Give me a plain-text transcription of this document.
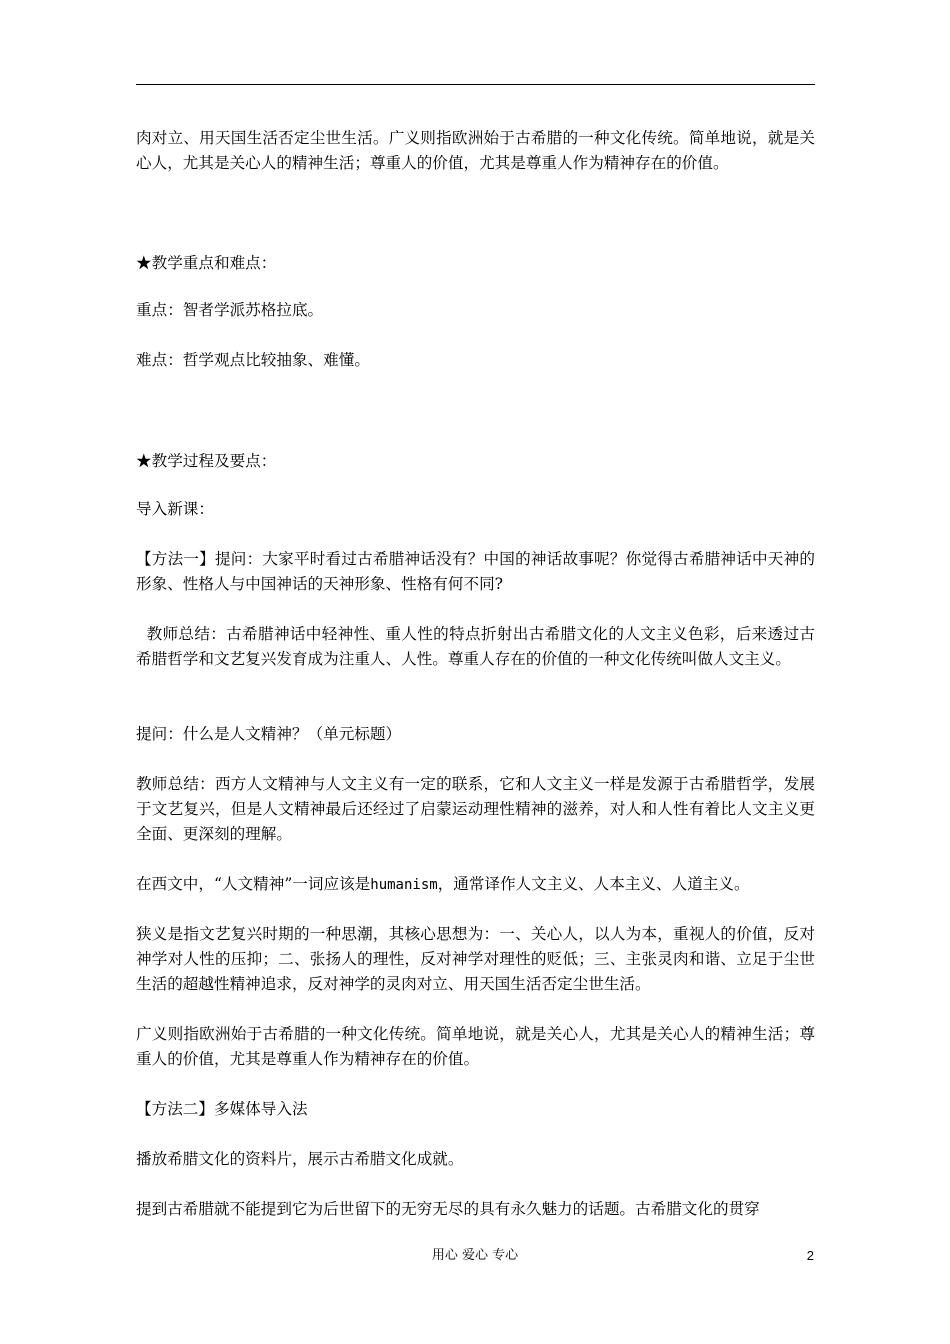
肉对立、用天国生活否定尘世生活。广义则指欧洲始于古希腊的一种文化传统。简单地说，就是关心人，尤其是关心人的精神生活；尊重人的价值，尤其是尊重人作为精神存在的价值。

★教学重点和难点：

重点：智者学派苏格拉底。

难点：哲学观点比较抽象、难懂。

★教学过程及要点：

导入新课：

【方法一】提问：大家平时看过古希腊神话没有？中国的神话故事呢？你觉得古希腊神话中天神的形象、性格人与中国神话的天神形象、性格有何不同?

教师总结：古希腊神话中轻神性、重人性的特点折射出古希腊文化的人文主义色彩，后来透过古希腊哲学和文艺复兴发育成为注重人、人性。尊重人存在的价值的一种文化传统叫做人文主义。

提问：什么是人文精神？（单元标题）

教师总结：西方人文精神与人文主义有一定的联系，它和人文主义一样是发源于古希腊哲学，发展于文艺复兴，但是人文精神最后还经过了启蒙运动理性精神的滋养，对人和人性有着比人文主义更全面、更深刻的理解。

在西文中，“人文精神”一词应该是humanism，通常译作人文主义、人本主义、人道主义。

狭义是指文艺复兴时期的一种思潮，其核心思想为：一、关心人，以人为本，重视人的价值，反对神学对人性的压抑；二、张扬人的理性，反对神学对理性的贬低；三、主张灵肉和谐、立足于尘世生活的超越性精神追求，反对神学的灵肉对立、用天国生活否定尘世生活。

广义则指欧洲始于古希腊的一种文化传统。简单地说，就是关心人，尤其是关心人的精神生活；尊重人的价值，尤其是尊重人作为精神存在的价值。

【方法二】多媒体导入法

播放希腊文化的资料片，展示古希腊文化成就。

提到古希腊就不能提到它为后世留下的无穷无尽的具有永久魅力的话题。古希腊文化的贯穿

用心 爱心 专心	2
